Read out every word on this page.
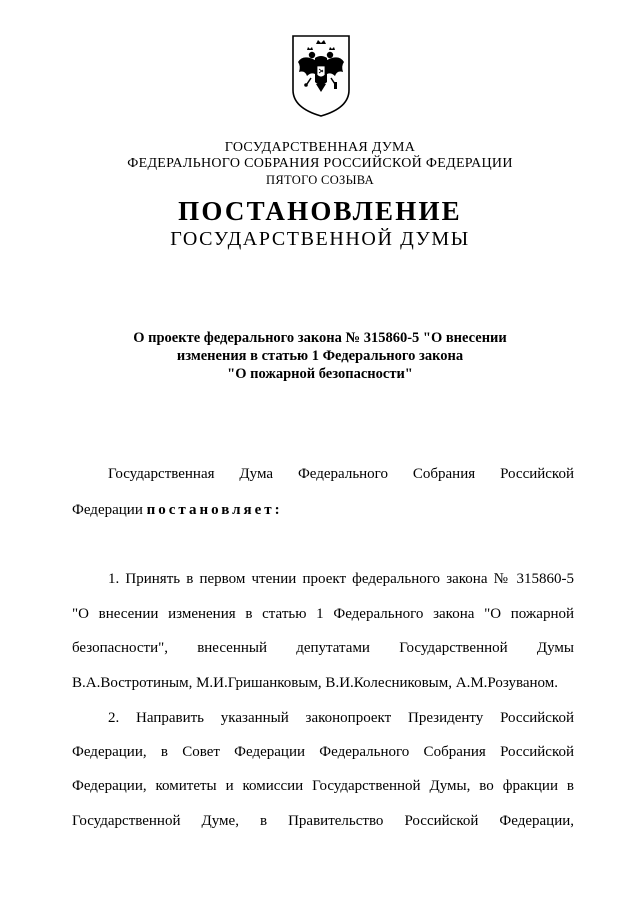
ГОСУДАРСТВЕННАЯ ДУМА
ФЕДЕРАЛЬНОГО СОБРАНИЯ РОССИЙСКОЙ ФЕДЕРАЦИИ
ПЯТОГО СОЗЫВА
ПОСТАНОВЛЕНИЕ
ГОСУДАРСТВЕННОЙ ДУМЫ
О проекте федерального закона № 315860-5 "О внесении
изменения в статью 1 Федерального закона
"О пожарной безопасности"
Государственная Дума Федерального Собрания Российской
Федерации постановляет:
1. Принять в первом чтении проект федерального закона № 315860-5
"О внесении изменения в статью 1 Федерального закона "О пожарной
безопасности", внесенный депутатами Государственной Думы
В.А.Востротиным, М.И.Гришанковым, В.И.Колесниковым, А.М.Розуваном.
2. Направить указанный законопроект Президенту Российской
Федерации, в Совет Федерации Федерального Собрания Российской
Федерации, комитеты и комиссии Государственной Думы, во фракции в
Государственной Думе, в Правительство Российской Федерации,
